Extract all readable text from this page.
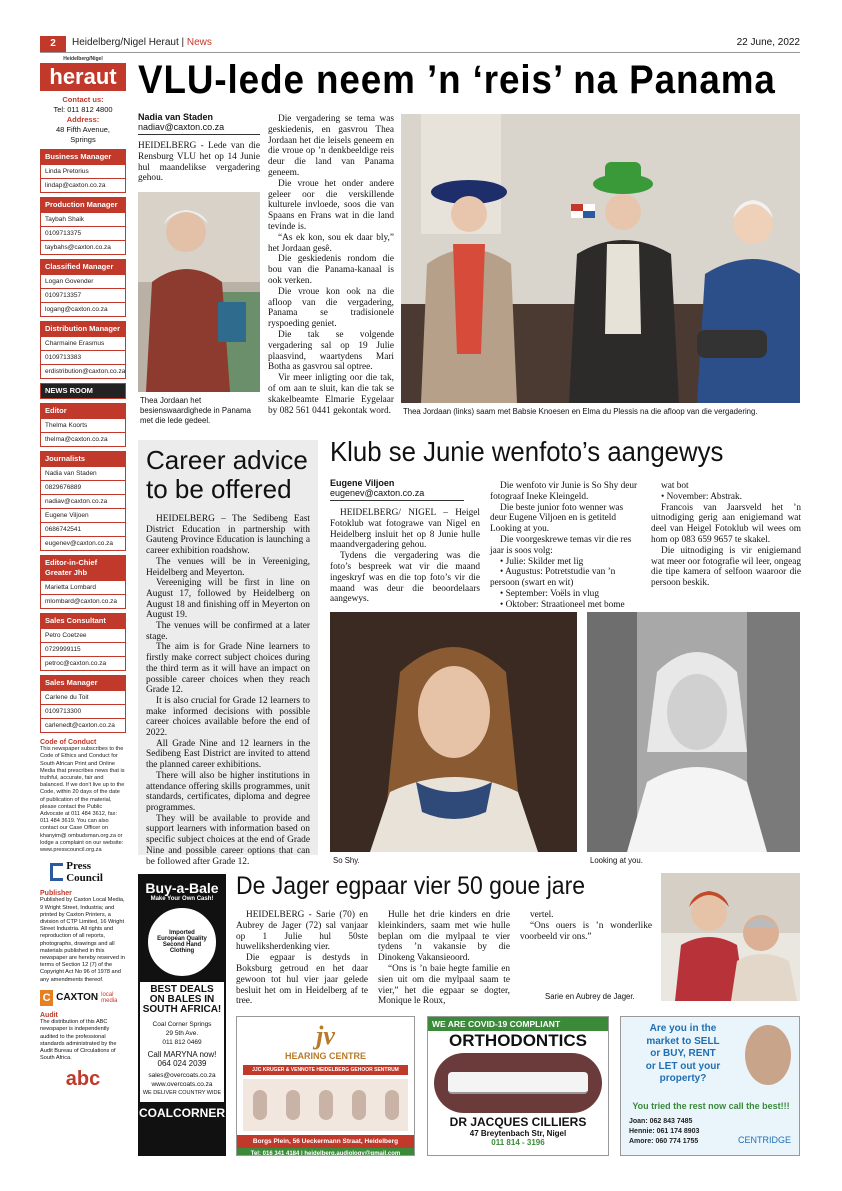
2	Heidelberg/Nigel Heraut | News	22 June, 2022
Heidelberg/Nigel
heraut
Contact us:
Tel: 011 812 4800
Address:
48 Fifth Avenue,
Springs
Business Manager
Linda Pretorius
lindap@caxton.co.za
Production Manager
Taybah Shaik
0109713375
taybahs@caxton.co.za
Classified Manager
Logan Govender
0109713357
logang@caxton.co.za
Distribution Manager
Charmaine Erasmus
0109713383
erdistribution@caxton.co.za
NEWS ROOM
Editor
Thelma Koorts
thelma@caxton.co.za
Journalists
Nadia van Staden
0829676889
nadiav@caxton.co.za
Eugene Viljoen
0686742541
eugenev@caxton.co.za
Editor-in-Chief Greater Jhb
Marietta Lombard
mlombard@caxton.co.za
Sales Consultant
Petro Coetzee
0729999115
petroc@caxton.co.za
Sales Manager
Carlene du Toit
0109713300
carlenedt@caxton.co.za
Code of Conduct
This newspaper subscribes to the Code of Ethics and Conduct for South African Print and Online Media that prescribes news that is truthful, accurate, fair and balanced. If we don't live up to the Code, within 20 days of the date of publication of the material, please contact the Public Advocate at 011 484 3612, fax: 011 484 3619. You can also contact our Case Officer on khanyim@ ombudsman.org.za or lodge a complaint on our website: www.presscouncil.org.za
Press Council
Publisher
Published by Caxton Local Media, 9 Wright Street, Industria; and printed by Caxton Printers, a division of CTP Limited, 16 Wright Street Industria. All rights and reproduction of all reports, photographs, drawings and all materials published in this newspaper are hereby reserved in terms of Section 12 (7) of the Copyright Act No 96 of 1978 and any amendments thereof.
C CAXTON local media
Audit
The distribution of this ABC newspaper is independently audited to the professional standards administrated by the Audit Bureau of Circulations of South Africa.
abc
VLU-lede neem ’n ‘reis’ na Panama
Nadia van Staden
nadiav@caxton.co.za
HEIDELBERG - Lede van die Rensburg VLU het op 14 Junie hul maandelikse vergadering gehou.
Thea Jordaan het besienswaardighede in Panama met die lede gedeel.

Die vergadering se tema was geskiedenis, en gasvrou Thea Jordaan het die leisels geneem en die vroue op ’n denkbeeldige reis deur die land van Panama geneem.

Die vroue het onder andere geleer oor die verskillende kulturele invloede, soos die van Spaans en Frans wat in die land tevinde is.

“As ek kon, sou ek daar bly,” het Jordaan gesê.

Die geskiedenis rondom die bou van die Panama-kanaal is ook verken.

Die vroue kon ook na die afloop van die vergadering, Panama se tradisionele ryspoeding geniet.

Die tak se volgende vergadering sal op 19 Julie plaasvind, waartydens Mari Botha as gasvrou sal optree.

Vir meer inligting oor die tak, of om aan te sluit, kan die tak se skakelbeamte Elmarie Eygelaar by 082 561 0441 gekontak word.	Thea Jordaan (links) saam met Babsie Knoesen en Elma du Plessis na die afloop van die vergadering.
Career advice to be offered

HEIDELBERG – The Sedibeng East District Education in partnership with Gauteng Province Education is launching a career exhibition roadshow.

The venues will be in Vereeniging, Heidelberg and Meyerton.

Vereeniging will be first in line on August 17, followed by Heidelberg on August 18 and finishing off in Meyerton on August 19.

The venues will be confirmed at a later stage.

The aim is for Grade Nine learners to firstly make correct subject choices during the third term as it will have an impact on possible career choices when they reach Grade 12.

It is also crucial for Grade 12 learners to make informed decisions with possible career choices available before the end of 2022.

All Grade Nine and 12 learners in the Sedibeng East District are invited to attend the planned career exhibitions.

There will also be higher institutions in attendance offering skills programmes, unit standards, certificates, diploma and degree programmes.

They will be available to provide and support learners with information based on specific subject choices at the end of Grade Nine and possible career options that can be followed after Grade 12.

Klub se Junie wenfoto’s aangewys
Eugene Viljoen
eugenev@caxton.co.za

HEIDELBERG/ NIGEL – Heigel Fotoklub wat fotograwe van Nigel en Heidelberg insluit het op 8 Junie hulle maandvergadering gehou.

Tydens die vergadering was die foto’s bespreek wat vir die maand ingeskryf was en die top foto’s vir die maand was deur die beoordelaars aangewys.

Die wenfoto vir Junie is So Shy deur fotograaf Ineke Kleingeld.

Die beste junior foto wenner was deur Eugene Viljoen en is getiteld Looking at you.

Die voorgeskrewe temas vir die res jaar is soos volg:

• Julie: Skilder met lig

• Augustus: Potretstudie van ’n persoon (swart en wit)

• September: Voëls in vlug

• Oktober: Straationeel met bome

wat bot

• November: Abstrak.

Francois van Jaarsveld het ’n uitnodiging gerig aan enigiemand wat deel van Heigel Fotoklub wil wees om hom op 083 659 9657 te skakel.

Die uitnodiging is vir enigiemand wat meer oor fotografie wil leer, ongeag die tipe kamera of selfoon waaroor die persoon beskik.

So Shy.	Looking at you.
Buy-a-Bale
Make Your Own Cash!
Imported European Quality Second Hand Clothing
BEST DEALS
ON BALES IN
SOUTH AFRICA!
Coal Corner Springs
29 5th Ave.
011 812 0469
Call MARYNA now!
064 024 2039
sales@overcoats.co.za
www.overcoats.co.za
WE DELIVER COUNTRY WIDE
COALCORNER
De Jager egpaar vier 50 goue jare

HEIDELBERG - Sarie (70) en Aubrey de Jager (72) sal vanjaar op 1 Julie hul 50ste huweliksherdenking vier.

Die egpaar is destyds in Boksburg getroud en het daar gewoon tot hul vier jaar gelede besluit het om in Heidelberg af te tree.

Hulle het drie kinders en drie kleinkinders, saam met wie hulle beplan om die mylpaal te vier tydens ’n vakansie by die Dinokeng Vakansieoord.

“Ons is ’n baie hegte familie en sien uit om die mylpaal saam te vier,” het die egpaar se dogter, Monique le Roux,

vertel.

“Ons ouers is ’n wonderlike voorbeeld vir ons.”

Sarie en Aubrey de Jager.
jv
HEARING CENTRE
JJC KRUGER & VENNOTE HEIDELBERG GEHOOR SENTRUM
Borgs Plein, 56 Ueckermann Straat, Heidelberg
Tel: 016 341 4184 | heidelberg.audiology@gmail.com
WE ARE COVID-19 COMPLIANT
ORTHODONTICS
DR JACQUES CILLIERS
47 Breytenbach Str, Nigel
011 814 - 3196
Are you in the
market to SELL
or BUY, RENT
or LET out your
property?
You tried the rest now call the best!!!
Joan: 062 843 7485
Hennie: 061 174 8903
Amore: 060 774 1755	CENTRIDGE
